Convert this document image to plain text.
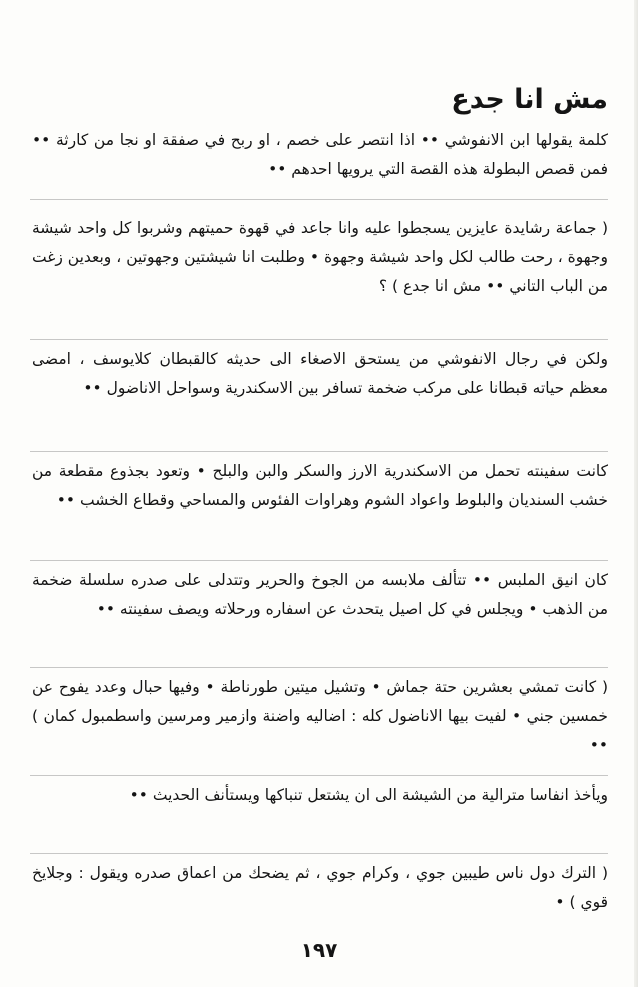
مش انا جدع

كلمة يقولها ابن الانفوشي •• اذا انتصر على خصم ، او ربح في صفقة او نجا من كارثة •• فمن قصص البطولة هذه القصة التي يرويها احدهم ••

( جماعة رشايدة عايزين يسجطوا عليه وانا جاعد في قهوة حميتهم وشربوا كل واحد شيشة وجهوة ، رحت طالب لكل واحد شيشة وجهوة • وطلبت انا شيشتين وجهوتين ، وبعدين زغت من الباب التاني •• مش انا جدع ) ؟

ولكن في رجال الانفوشي من يستحق الاصغاء الى حديثه كالقبطان كلايوسف ، امضى معظم حياته قبطانا على مركب ضخمة تسافر بين الاسكندرية وسواحل الاناضول ••

كانت سفينته تحمل من الاسكندرية الارز والسكر والبن والبلح • وتعود بجذوع مقطعة من خشب السنديان والبلوط واعواد الشوم وهراوات الفئوس والمساحي وقطاع الخشب ••

كان انيق الملبس •• تتألف ملابسه من الجوخ والحرير وتتدلى على صدره سلسلة ضخمة من الذهب • ويجلس في كل اصيل يتحدث عن اسفاره ورحلاته ويصف سفينته ••

( كانت تمشي بعشرين حتة جماش • وتشيل ميتين طورناطة • وفيها حبال وعدد يفوح عن خمسين جني • لفيت بيها الاناضول كله : اضاليه واضنة وازمير ومرسين واسطمبول كمان ) ••

ويأخذ انفاسا مترالية من الشيشة الى ان يشتعل تنباكها ويستأنف الحديث ••

( الترك دول ناس طيبين جوي ، وكرام جوي ، ثم يضحك من اعماق صدره ويقول : وجلايخ قوي ) •

١٩٧
